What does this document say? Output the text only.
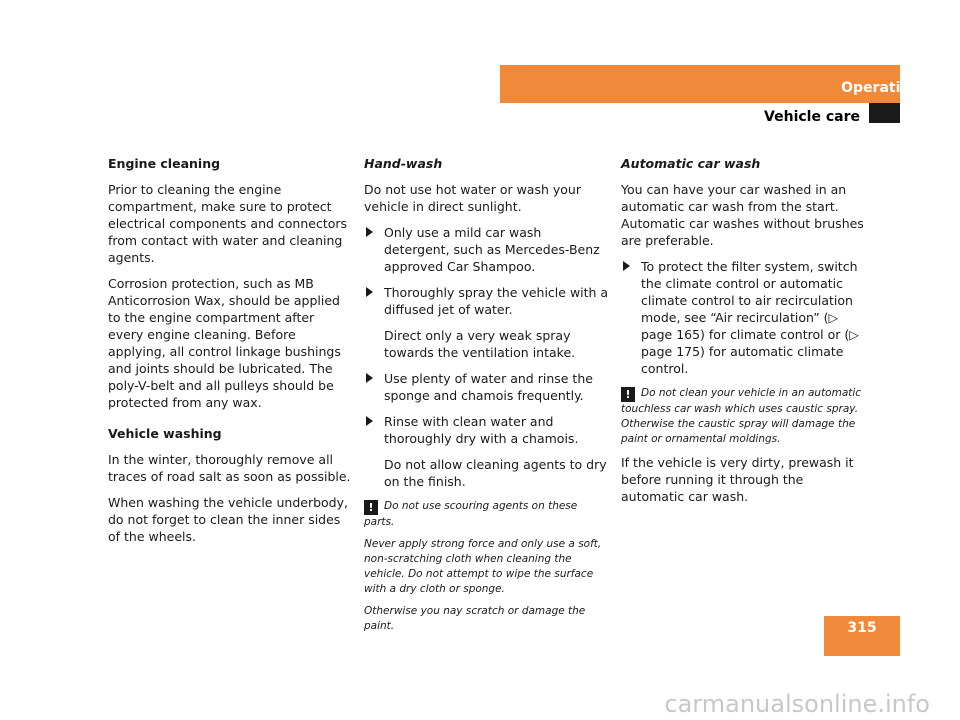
Operation
Vehicle care
Engine cleaning

Prior to cleaning the engine compartment, make sure to protect electrical components and connectors from contact with water and cleaning agents.

Corrosion protection, such as MB Anticorrosion Wax, should be applied to the engine compartment after every engine cleaning. Before applying, all control linkage bushings and joints should be lubricated. The poly-V-belt and all pulleys should be protected from any wax.

Vehicle washing

In the winter, thoroughly remove all traces of road salt as soon as possible.

When washing the vehicle underbody, do not forget to clean the inner sides of the wheels.

Hand-wash

Do not use hot water or wash your vehicle in direct sunlight.

Only use a mild car wash detergent, such as Mercedes-Benz approved Car Shampoo.
Thoroughly spray the vehicle with a diffused jet of water.
Direct only a very weak spray towards the ventilation intake.
Use plenty of water and rinse the sponge and chamois frequently.
Rinse with clean water and thoroughly dry with a chamois.
Do not allow cleaning agents to dry on the finish.

! Do not use scouring agents on these parts.

Never apply strong force and only use a soft, non-scratching cloth when cleaning the vehicle. Do not attempt to wipe the surface with a dry cloth or sponge.

Otherwise you nay scratch or damage the paint.

Automatic car wash

You can have your car washed in an automatic car wash from the start. Automatic car washes without brushes are preferable.

To protect the filter system, switch the climate control or automatic climate control to air recirculation mode, see “Air recirculation” (▷ page 165) for climate control or (▷ page 175) for automatic climate control.

! Do not clean your vehicle in an automatic touchless car wash which uses caustic spray. Otherwise the caustic spray will damage the paint or ornamental moldings.

If the vehicle is very dirty, prewash it before running it through the automatic car wash.

315
carmanualsonline.info
